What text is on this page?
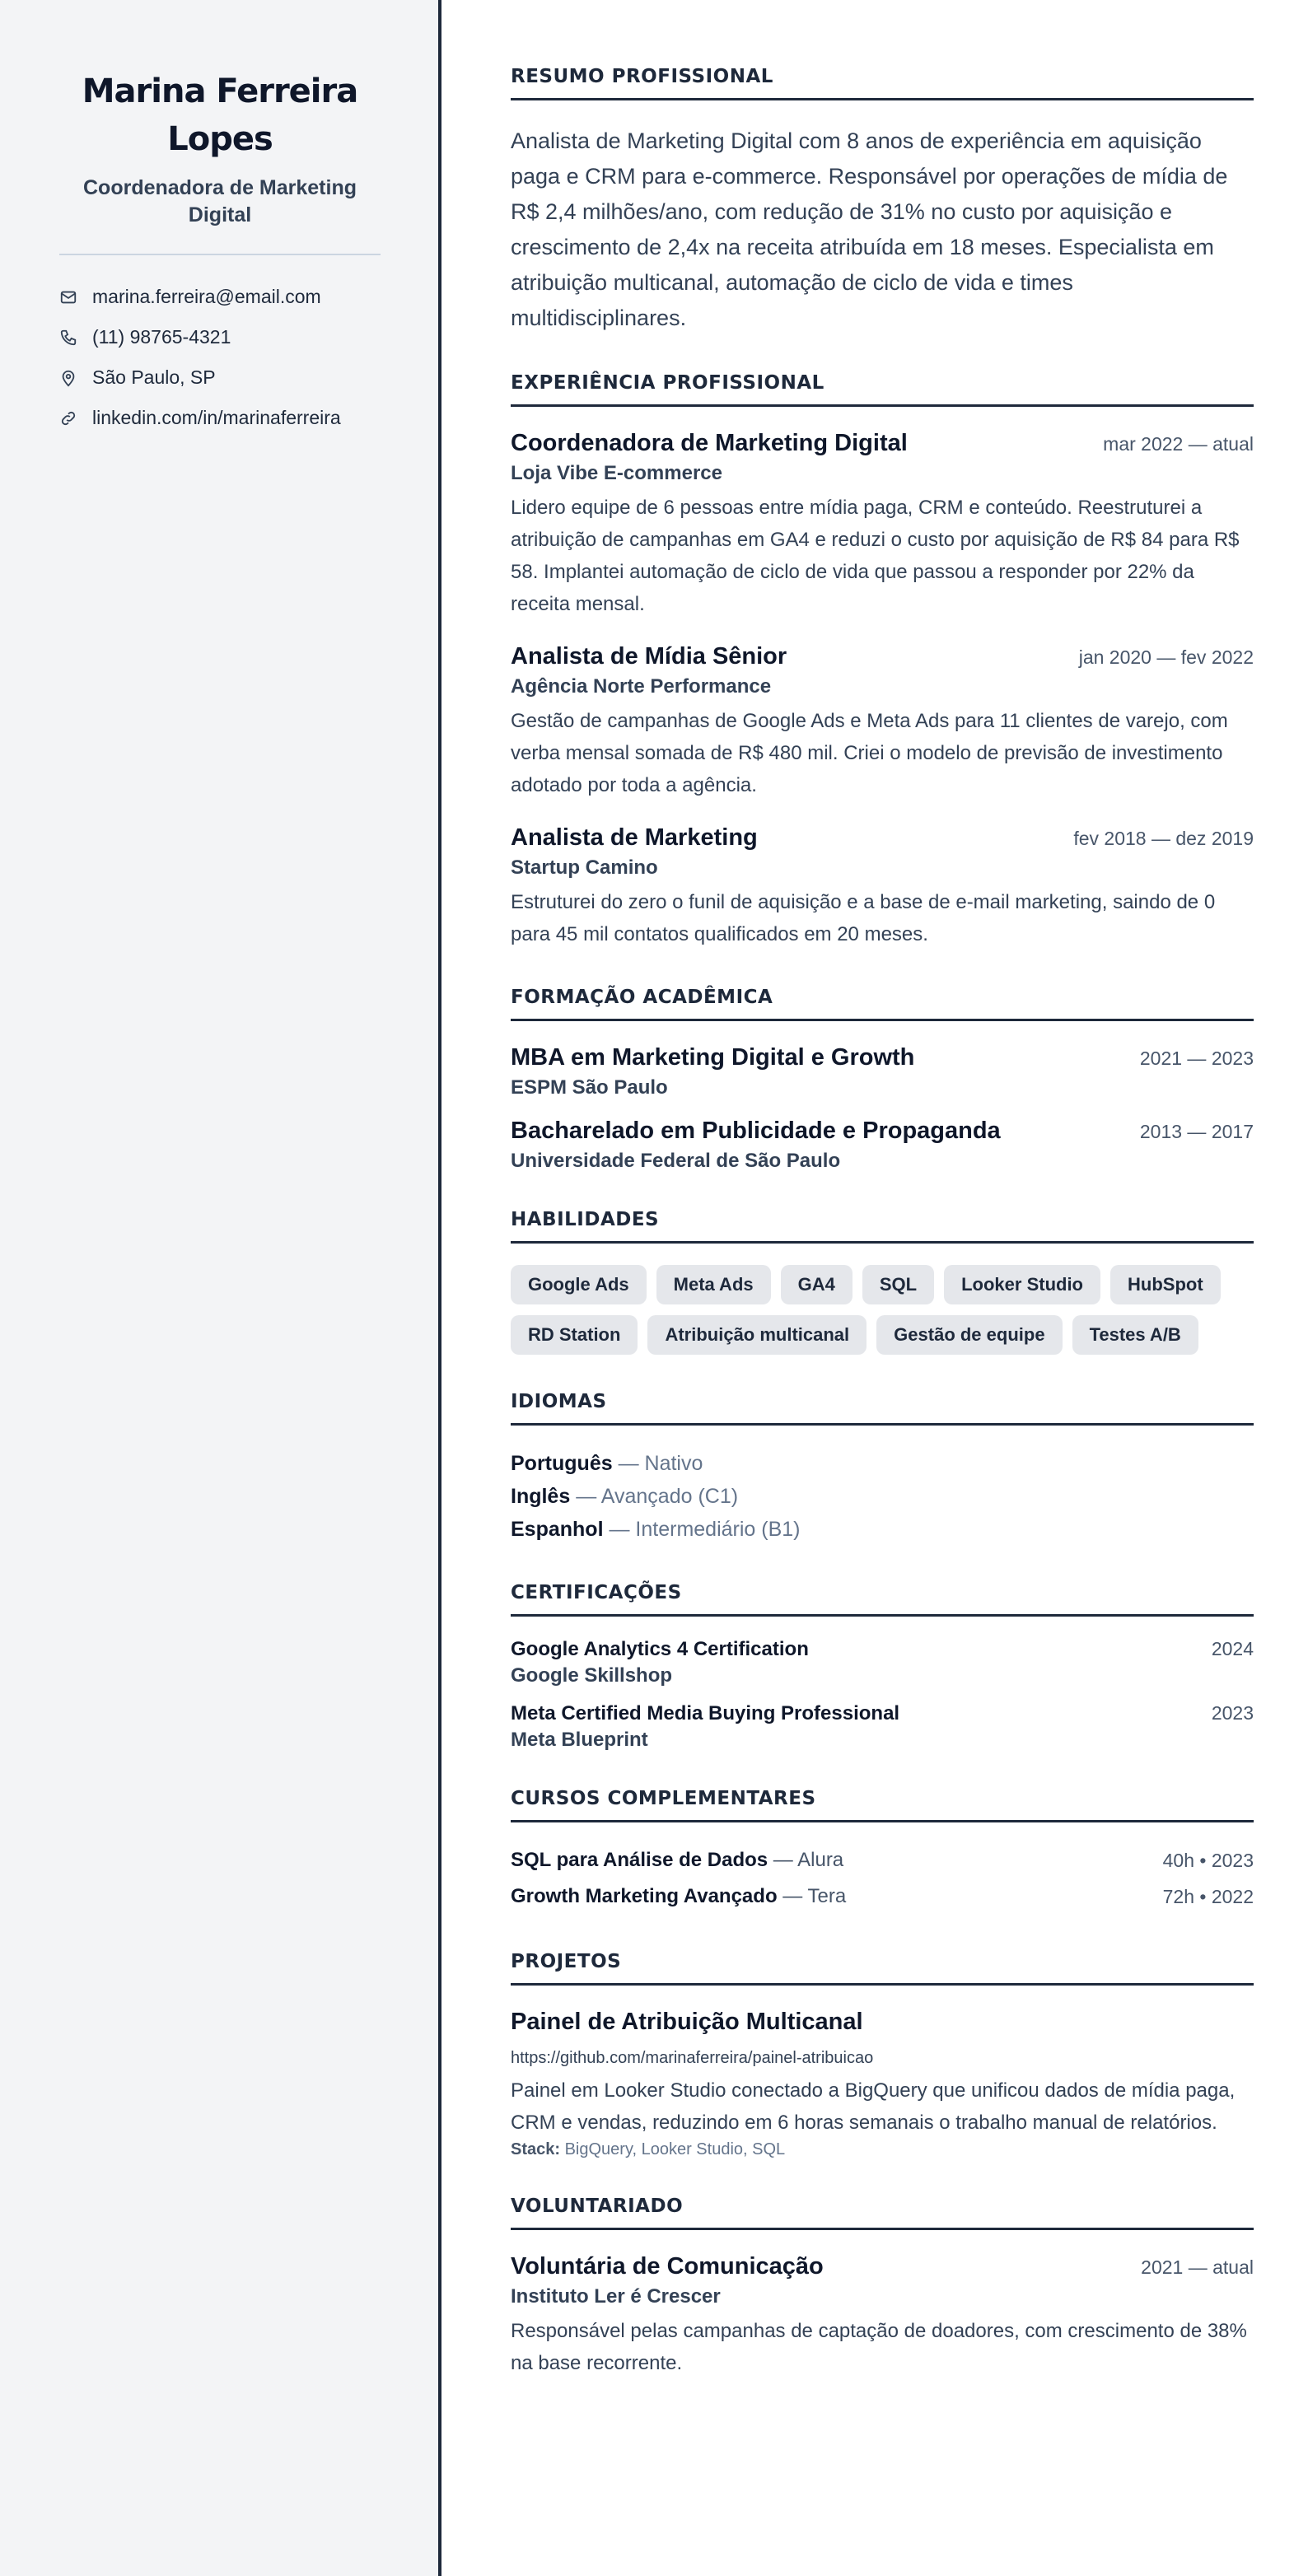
Marina Ferreira Lopes
Coordenadora de Marketing Digital
marina.ferreira@email.com
(11) 98765-4321
São Paulo, SP
linkedin.com/in/marinaferreira
RESUMO PROFISSIONAL

Analista de Marketing Digital com 8 anos de experiência em aquisição paga e CRM para e-commerce. Responsável por operações de mídia de R$ 2,4 milhões/ano, com redução de 31% no custo por aquisição e crescimento de 2,4x na receita atribuída em 18 meses. Especialista em atribuição multicanal, automação de ciclo de vida e times multidisciplinares.

EXPERIÊNCIA PROFISSIONAL
Coordenadora de Marketing Digital	mar 2022 — atual
Loja Vibe E-commerce
Lidero equipe de 6 pessoas entre mídia paga, CRM e conteúdo. Reestruturei a atribuição de campanhas em GA4 e reduzi o custo por aquisição de R$ 84 para R$ 58. Implantei automação de ciclo de vida que passou a responder por 22% da receita mensal.
Analista de Mídia Sênior	jan 2020 — fev 2022
Agência Norte Performance
Gestão de campanhas de Google Ads e Meta Ads para 11 clientes de varejo, com verba mensal somada de R$ 480 mil. Criei o modelo de previsão de investimento adotado por toda a agência.
Analista de Marketing	fev 2018 — dez 2019
Startup Camino
Estruturei do zero o funil de aquisição e a base de e-mail marketing, saindo de 0 para 45 mil contatos qualificados em 20 meses.
FORMAÇÃO ACADÊMICA
MBA em Marketing Digital e Growth	2021 — 2023
ESPM São Paulo
Bacharelado em Publicidade e Propaganda	2013 — 2017
Universidade Federal de São Paulo
HABILIDADES
Google Ads	Meta Ads	GA4	SQL	Looker Studio	HubSpot
RD Station	Atribuição multicanal	Gestão de equipe	Testes A/B
IDIOMAS
Português — Nativo
Inglês — Avançado (C1)
Espanhol — Intermediário (B1)
CERTIFICAÇÕES
Google Analytics 4 Certification	2024
Google Skillshop
Meta Certified Media Buying Professional	2023
Meta Blueprint
CURSOS COMPLEMENTARES
SQL para Análise de Dados — Alura	40h • 2023
Growth Marketing Avançado — Tera	72h • 2022
PROJETOS
Painel de Atribuição Multicanal
https://github.com/marinaferreira/painel-atribuicao
Painel em Looker Studio conectado a BigQuery que unificou dados de mídia paga, CRM e vendas, reduzindo em 6 horas semanais o trabalho manual de relatórios.
Stack: BigQuery, Looker Studio, SQL
VOLUNTARIADO
Voluntária de Comunicação	2021 — atual
Instituto Ler é Crescer
Responsável pelas campanhas de captação de doadores, com crescimento de 38% na base recorrente.
